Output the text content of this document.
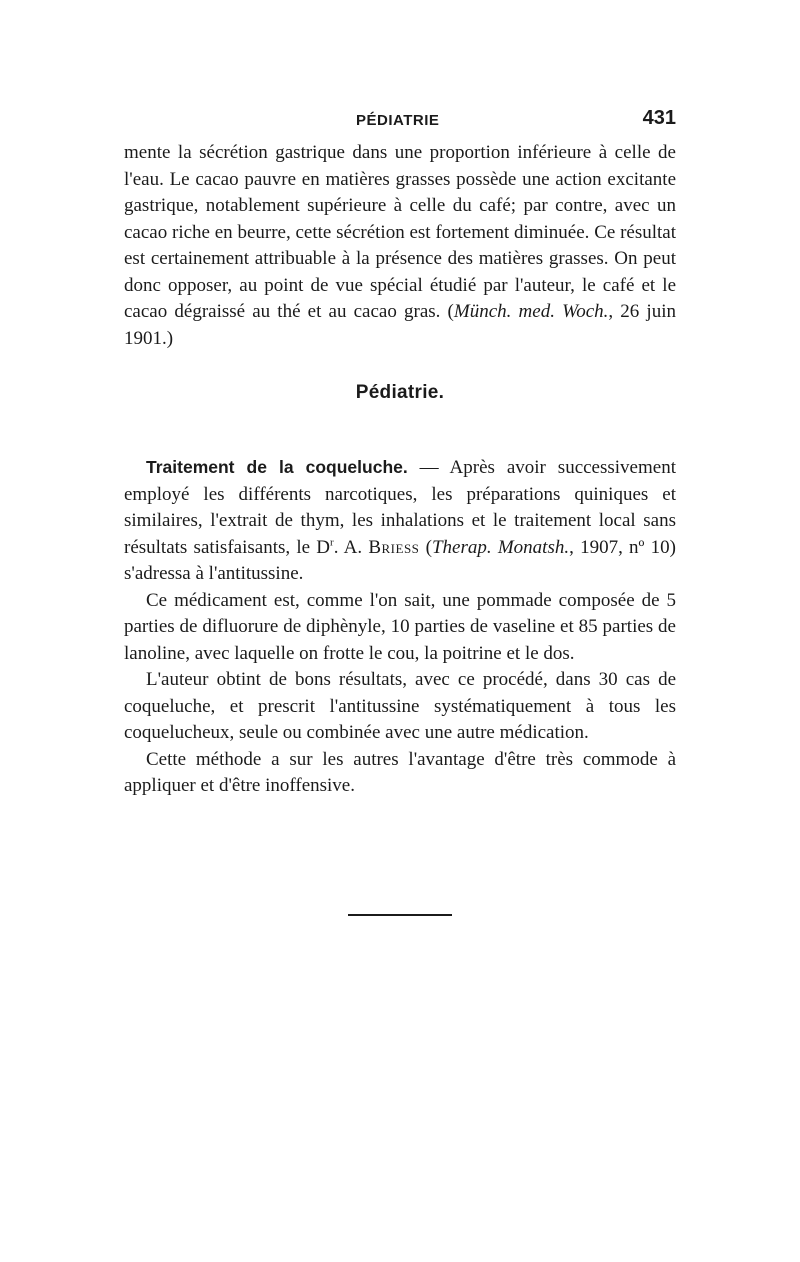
PÉDIATRIE	431

mente la sécrétion gastrique dans une proportion inférieure à celle de l'eau. Le cacao pauvre en matières grasses possède une action excitante gastrique, notablement supérieure à celle du café; par contre, avec un cacao riche en beurre, cette sécrétion est fortement diminuée. Ce résultat est certainement attribuable à la présence des matières grasses. On peut donc opposer, au point de vue spécial étudié par l'auteur, le café et le cacao dégraissé au thé et au cacao gras. (Münch. med. Woch., 26 juin 1901.)

Pédiatrie.

Traitement de la coqueluche. — Après avoir successivement employé les différents narcotiques, les préparations quiniques et similaires, l'extrait de thym, les inhalations et le traitement local sans résultats satisfaisants, le $D^r$. A. Briess (Therap. Monatsh., 1907, nº 10) s'adressa à l'antitussine.

Ce médicament est, comme l'on sait, une pommade composée de 5 parties de difluorure de diphènyle, 10 parties de vaseline et 85 parties de lanoline, avec laquelle on frotte le cou, la poitrine et le dos.

L'auteur obtint de bons résultats, avec ce procédé, dans 30 cas de coqueluche, et prescrit l'antitussine systématiquement à tous les coquelucheux, seule ou combinée avec une autre médication.

Cette méthode a sur les autres l'avantage d'être très commode à appliquer et d'être inoffensive.
